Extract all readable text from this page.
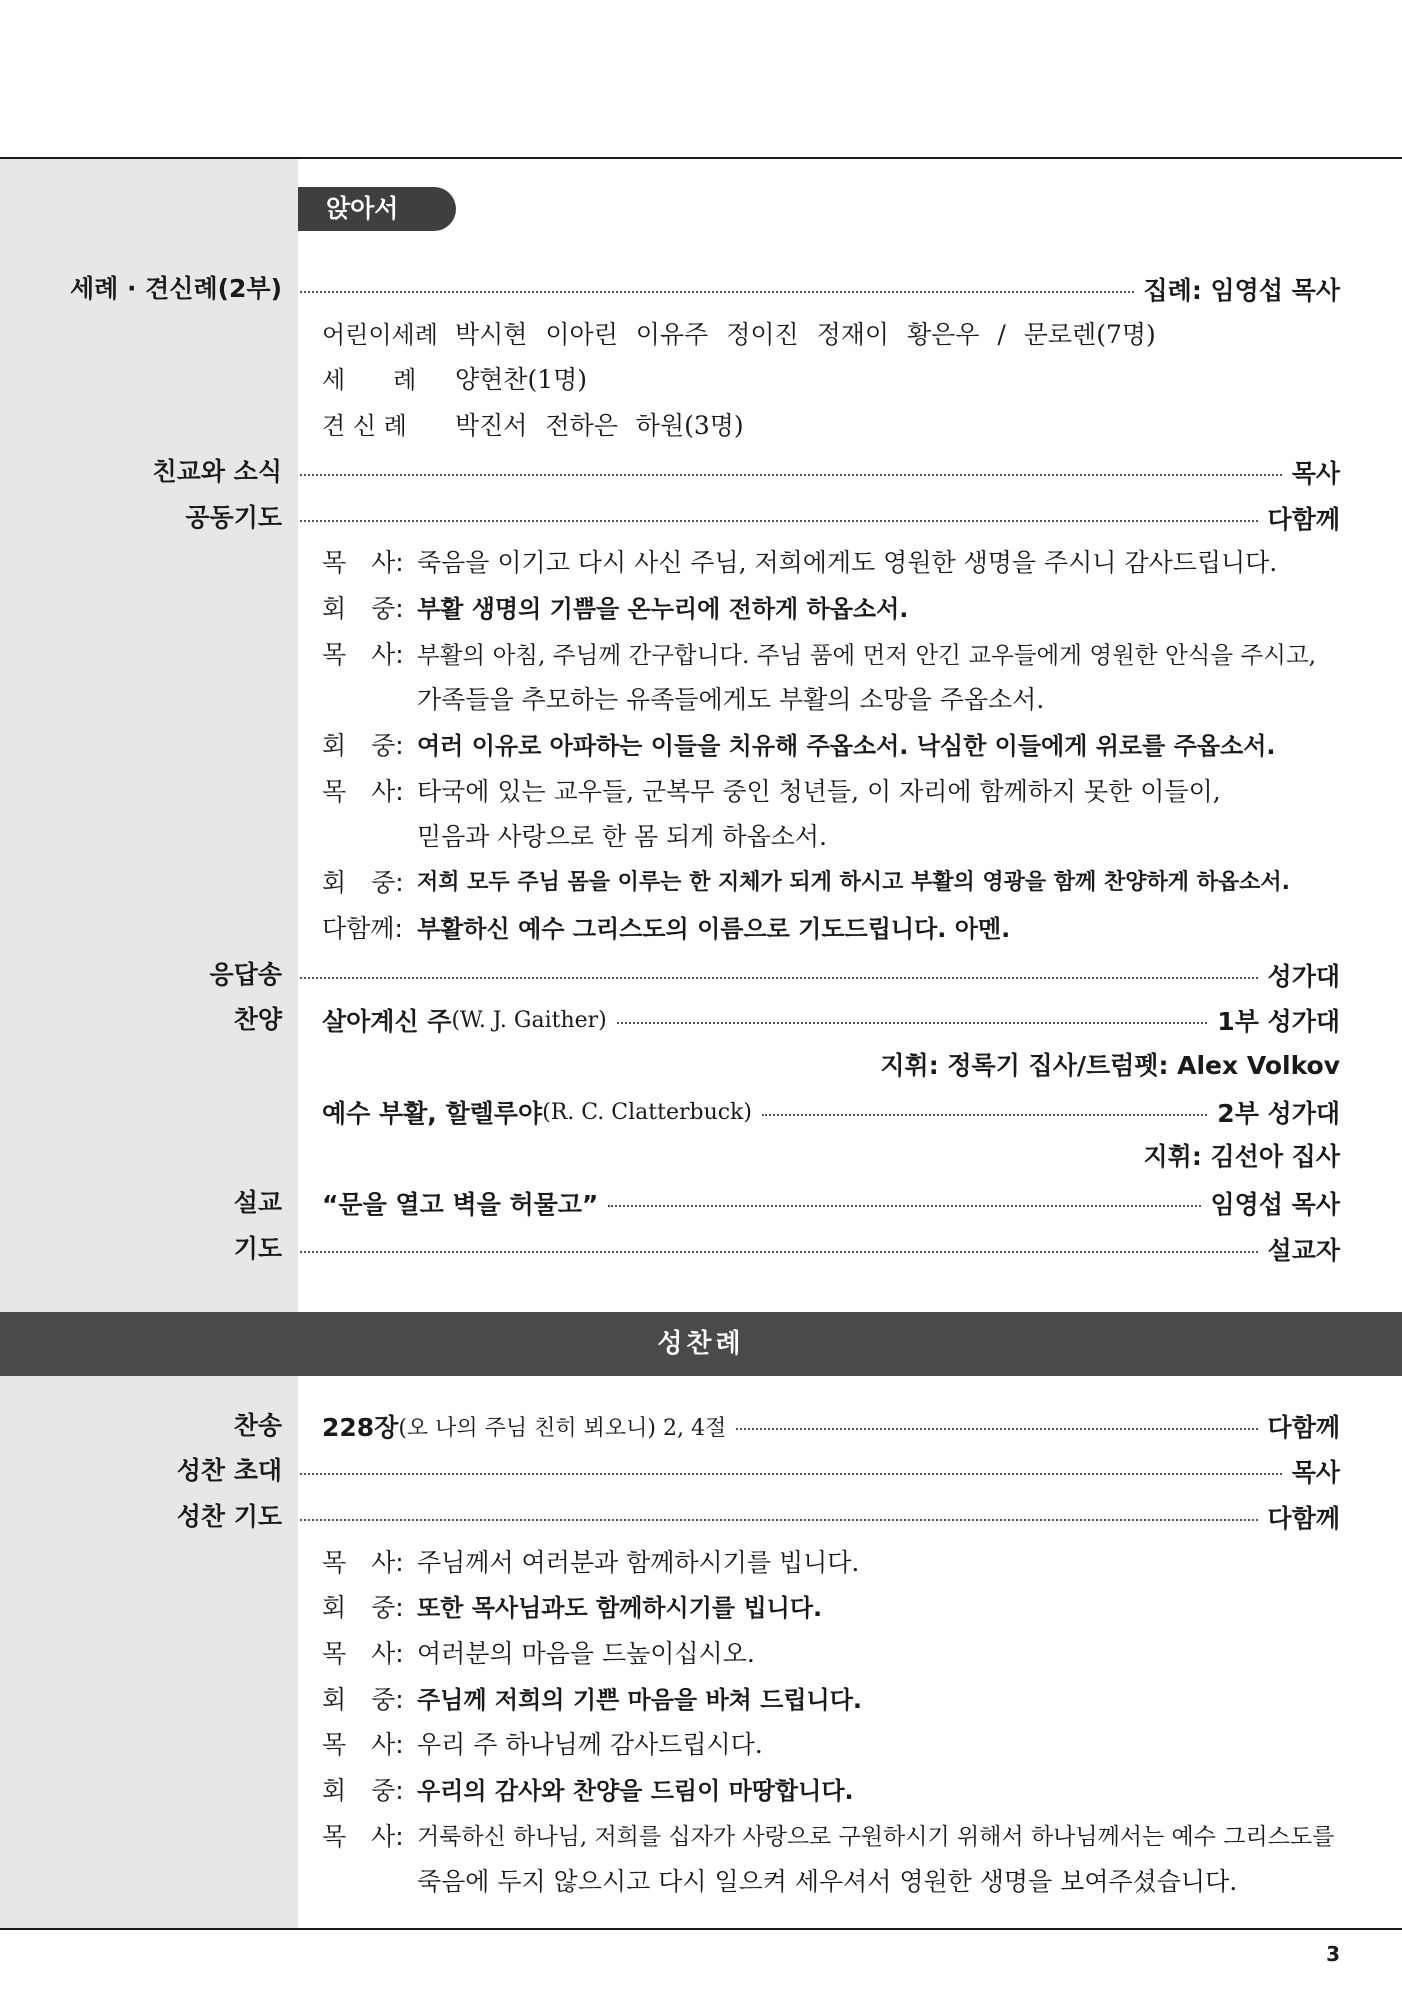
앉아서
세례 · 견신례(2부)	집례: 임영섭 목사
어린이세례 박시현 이아린 이유주 정이진 정재이 황은우 / 문로렌(7명)
세　　례 양현찬(1명)
견 신 례 박진서 전하은 하원(3명)
친교와 소식	목사
공동기도	다함께
목　사: 죽음을 이기고 다시 사신 주님, 저희에게도 영원한 생명을 주시니 감사드립니다.
회　중: 부활 생명의 기쁨을 온누리에 전하게 하옵소서.
목　사: 부활의 아침, 주님께 간구합니다. 주님 품에 먼저 안긴 교우들에게 영원한 안식을 주시고,
가족들을 추모하는 유족들에게도 부활의 소망을 주옵소서.
회　중: 여러 이유로 아파하는 이들을 치유해 주옵소서. 낙심한 이들에게 위로를 주옵소서.
목　사: 타국에 있는 교우들, 군복무 중인 청년들, 이 자리에 함께하지 못한 이들이,
믿음과 사랑으로 한 몸 되게 하옵소서.
회　중: 저희 모두 주님 몸을 이루는 한 지체가 되게 하시고 부활의 영광을 함께 찬양하게 하옵소서.
다함께: 부활하신 예수 그리스도의 이름으로 기도드립니다. 아멘.
응답송	성가대
찬양 살아계신 주 (W. J. Gaither)	1부 성가대
지휘: 정록기 집사/트럼펫: Alex Volkov
예수 부활, 할렐루야 (R. C. Clatterbuck)	2부 성가대
지휘: 김선아 집사
설교 “문을 열고 벽을 허물고”	임영섭 목사
기도	설교자
성찬례
찬송 228장 (오 나의 주님 친히 뵈오니) 2, 4절	다함께
성찬 초대	목사
성찬 기도	다함께
목　사: 주님께서 여러분과 함께하시기를 빕니다.
회　중: 또한 목사님과도 함께하시기를 빕니다.
목　사: 여러분의 마음을 드높이십시오.
회　중: 주님께 저희의 기쁜 마음을 바쳐 드립니다.
목　사: 우리 주 하나님께 감사드립시다.
회　중: 우리의 감사와 찬양을 드림이 마땅합니다.
목　사: 거룩하신 하나님, 저희를 십자가 사랑으로 구원하시기 위해서 하나님께서는 예수 그리스도를
죽음에 두지 않으시고 다시 일으켜 세우셔서 영원한 생명을 보여주셨습니다.
3
